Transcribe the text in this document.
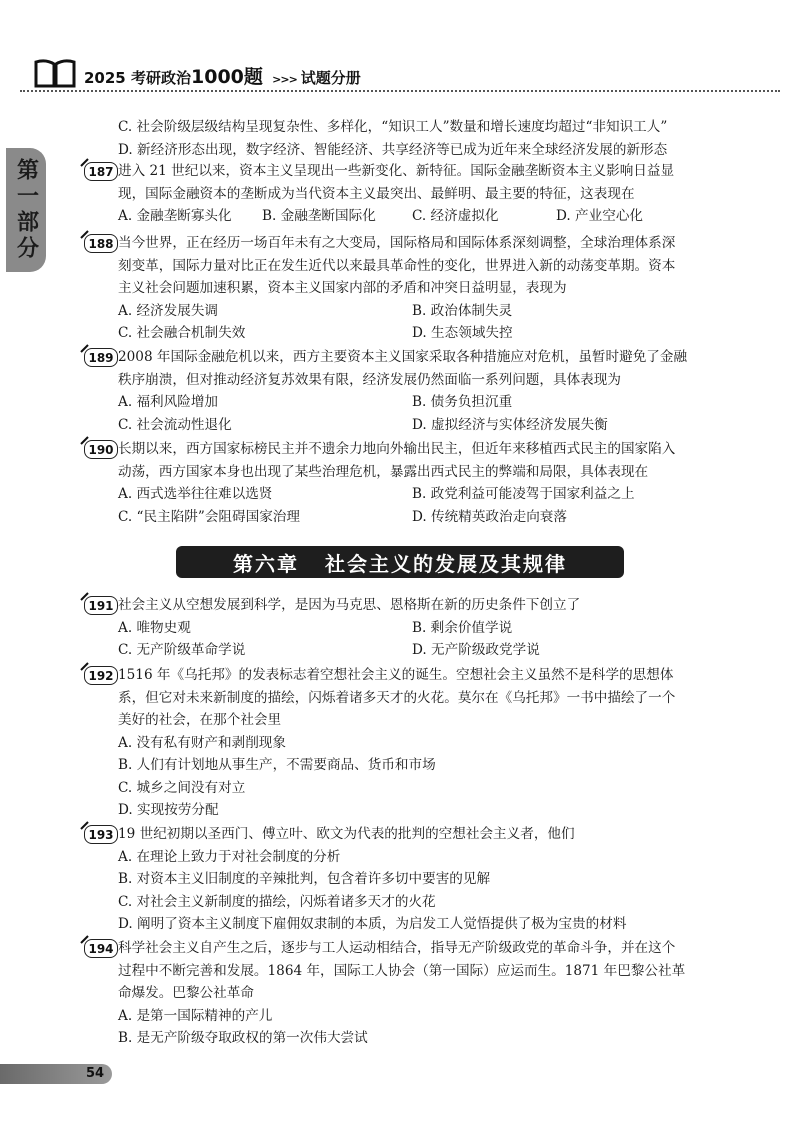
2025 考研政治1000题 >>> 试题分册
第一部分
C. 社会阶级层级结构呈现复杂性、多样化，“知识工人”数量和增长速度均超过“非知识工人”
D. 新经济形态出现，数字经济、智能经济、共享经济等已成为近年来全球经济发展的新形态
187 进入 21 世纪以来，资本主义呈现出一些新变化、新特征。国际金融垄断资本主义影响日益显
现，国际金融资本的垄断成为当代资本主义最突出、最鲜明、最主要的特征，这表现在
A. 金融垄断寡头化 B. 金融垄断国际化	C. 经济虚拟化	D. 产业空心化
188 当今世界，正在经历一场百年未有之大变局，国际格局和国际体系深刻调整，全球治理体系深
刻变革，国际力量对比正在发生近代以来最具革命性的变化，世界进入新的动荡变革期。资本
主义社会问题加速积累，资本主义国家内部的矛盾和冲突日益明显，表现为
A. 经济发展失调	B. 政治体制失灵
C. 社会融合机制失效	D. 生态领域失控
189 2008 年国际金融危机以来，西方主要资本主义国家采取各种措施应对危机，虽暂时避免了金融
秩序崩溃，但对推动经济复苏效果有限，经济发展仍然面临一系列问题，具体表现为
A. 福利风险增加	B. 债务负担沉重
C. 社会流动性退化	D. 虚拟经济与实体经济发展失衡
190 长期以来，西方国家标榜民主并不遗余力地向外输出民主，但近年来移植西式民主的国家陷入
动荡，西方国家本身也出现了某些治理危机，暴露出西式民主的弊端和局限，具体表现在
A. 西式选举往往难以选贤	B. 政党利益可能凌驾于国家利益之上
C. “民主陷阱”会阻碍国家治理	D. 传统精英政治走向衰落
191 社会主义从空想发展到科学，是因为马克思、恩格斯在新的历史条件下创立了
A. 唯物史观	B. 剩余价值学说
C. 无产阶级革命学说	D. 无产阶级政党学说
192 1516 年《乌托邦》的发表标志着空想社会主义的诞生。空想社会主义虽然不是科学的思想体
系，但它对未来新制度的描绘，闪烁着诸多天才的火花。莫尔在《乌托邦》一书中描绘了一个
美好的社会，在那个社会里
A. 没有私有财产和剥削现象
B. 人们有计划地从事生产，不需要商品、货币和市场
C. 城乡之间没有对立
D. 实现按劳分配
193 19 世纪初期以圣西门、傅立叶、欧文为代表的批判的空想社会主义者，他们
A. 在理论上致力于对社会制度的分析
B. 对资本主义旧制度的辛辣批判，包含着许多切中要害的见解
C. 对社会主义新制度的描绘，闪烁着诸多天才的火花
D. 阐明了资本主义制度下雇佣奴隶制的本质，为启发工人觉悟提供了极为宝贵的材料
194 科学社会主义自产生之后，逐步与工人运动相结合，指导无产阶级政党的革命斗争，并在这个
过程中不断完善和发展。1864 年，国际工人协会（第一国际）应运而生。1871 年巴黎公社革
命爆发。巴黎公社革命
A. 是第一国际精神的产儿
B. 是无产阶级夺取政权的第一次伟大尝试
第六章 社会主义的发展及其规律
54
